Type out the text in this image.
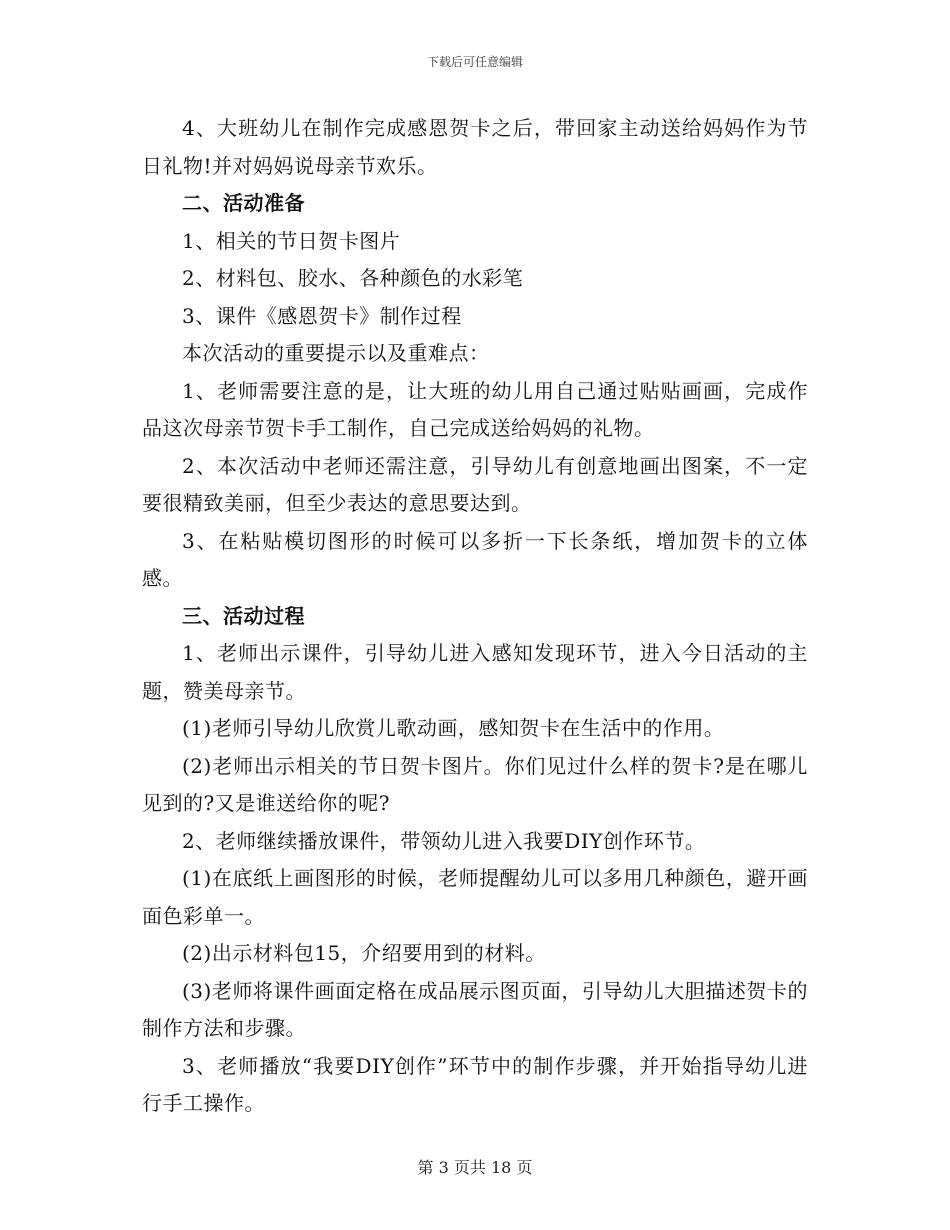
下载后可任意编辑

4、大班幼儿在制作完成感恩贺卡之后，带回家主动送给妈妈作为节日礼物!并对妈妈说母亲节欢乐。

二、活动准备

1、相关的节日贺卡图片

2、材料包、胶水、各种颜色的水彩笔

3、课件《感恩贺卡》制作过程

本次活动的重要提示以及重难点：

1、老师需要注意的是，让大班的幼儿用自己通过贴贴画画，完成作品这次母亲节贺卡手工制作，自己完成送给妈妈的礼物。

2、本次活动中老师还需注意，引导幼儿有创意地画出图案，不一定要很精致美丽，但至少表达的意思要达到。

3、在粘贴模切图形的时候可以多折一下长条纸，增加贺卡的立体感。

三、活动过程

1、老师出示课件，引导幼儿进入感知发现环节，进入今日活动的主题，赞美母亲节。

(1)老师引导幼儿欣赏儿歌动画，感知贺卡在生活中的作用。

(2)老师出示相关的节日贺卡图片。你们见过什么样的贺卡?是在哪儿见到的?又是谁送给你的呢?

2、老师继续播放课件，带领幼儿进入我要DIY创作环节。

(1)在底纸上画图形的时候，老师提醒幼儿可以多用几种颜色，避开画面色彩单一。

(2)出示材料包15，介绍要用到的材料。

(3)老师将课件画面定格在成品展示图页面，引导幼儿大胆描述贺卡的制作方法和步骤。

3、老师播放“我要DIY创作”环节中的制作步骤，并开始指导幼儿进行手工操作。

第 3 页共 18 页
